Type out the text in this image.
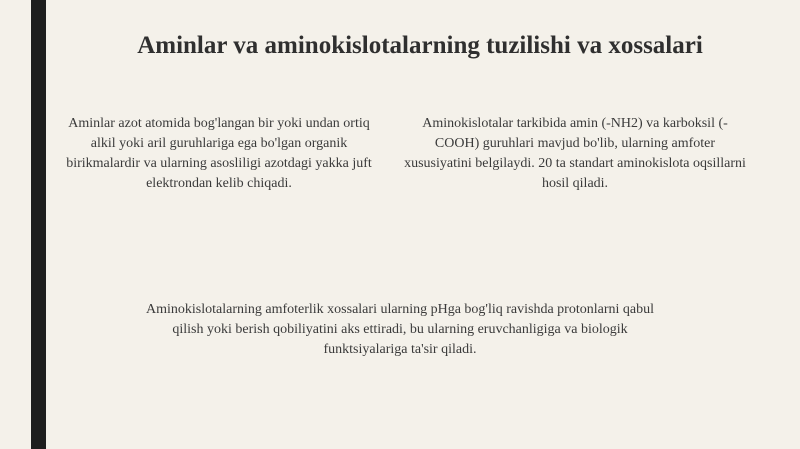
Aminlar va aminokislotalarning tuzilishi va xossalari

Aminlar azot atomida bog'langan bir yoki undan ortiq alkil yoki aril guruhlariga ega bo'lgan organik birikmalardir va ularning asosliligi azotdagi yakka juft elektrondan kelib chiqadi.

Aminokislotalar tarkibida amin (-NH2) va karboksil (-COOH) guruhlari mavjud bo'lib, ularning amfoter xususiyatini belgilaydi. 20 ta standart aminokislota oqsillarni hosil qiladi.

Aminokislotalarning amfoterlik xossalari ularning pHga bog'liq ravishda protonlarni qabul qilish yoki berish qobiliyatini aks ettiradi, bu ularning eruvchanligiga va biologik funktsiyalariga ta'sir qiladi.
